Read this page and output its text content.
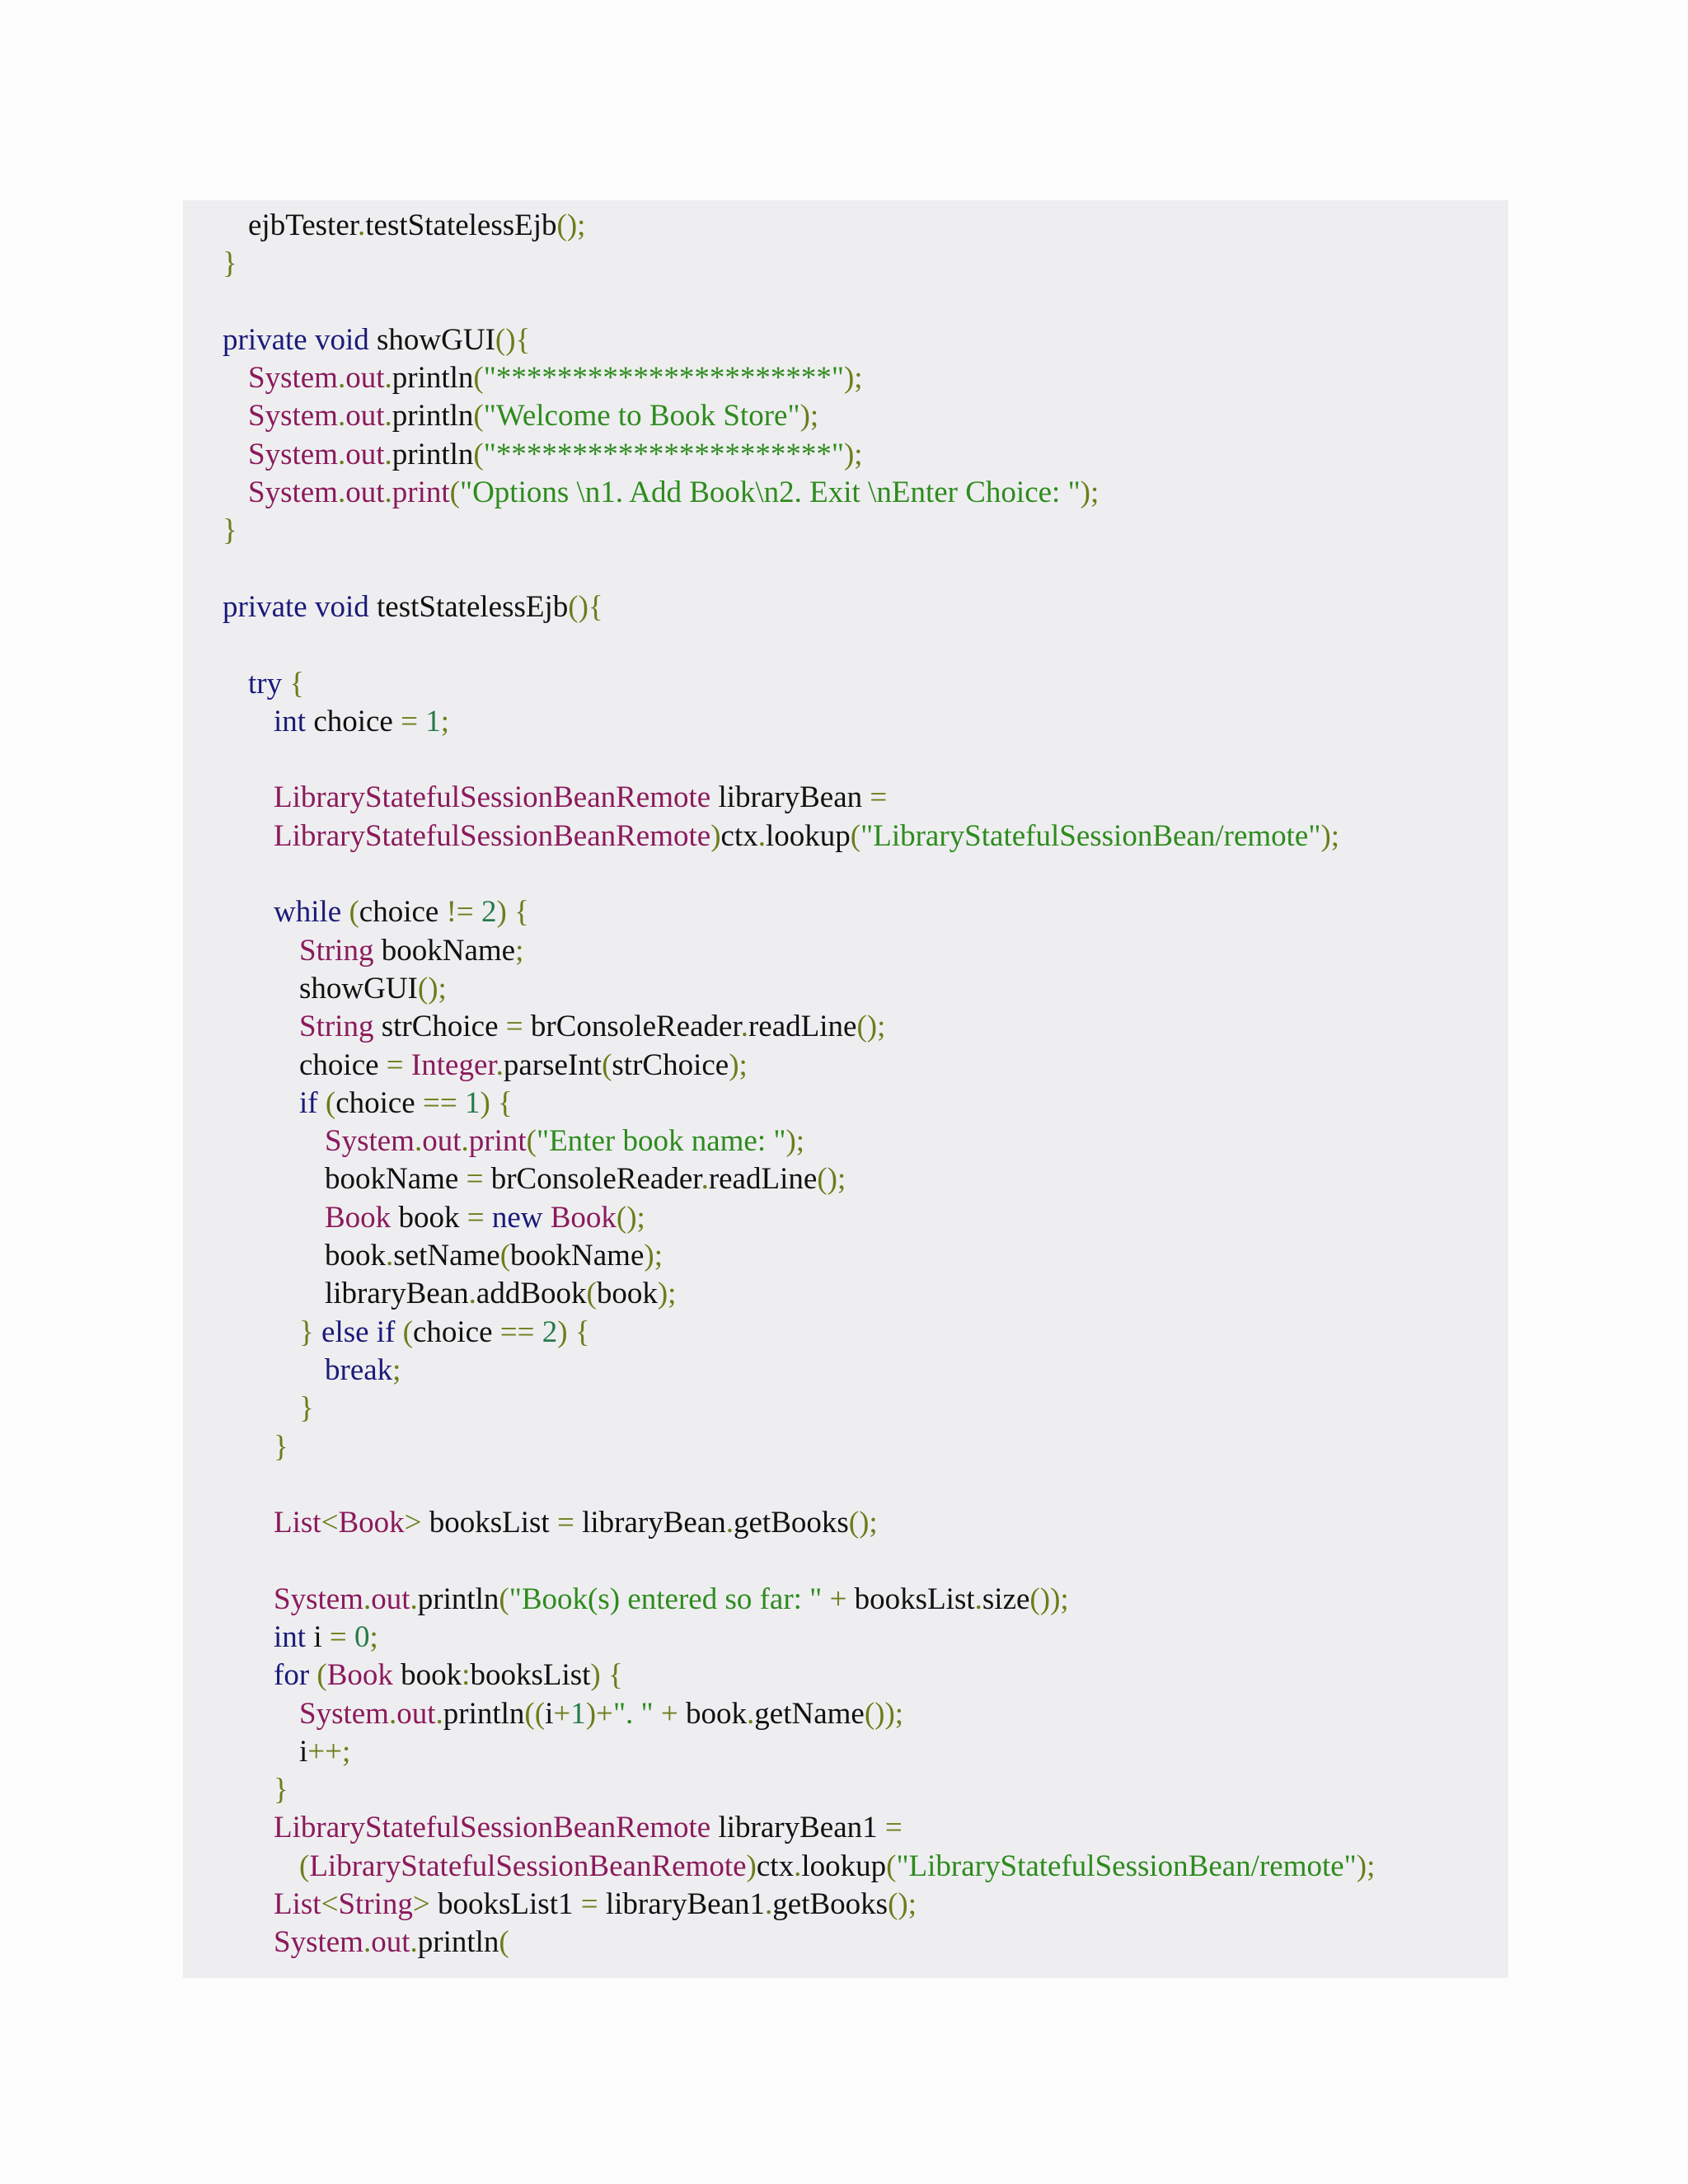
ejbTester.testStatelessEjb();
}
private void showGUI(){
System.out.println("**********************");
System.out.println("Welcome to Book Store");
System.out.println("**********************");
System.out.print("Options \n1. Add Book\n2. Exit \nEnter Choice: ");
}
private void testStatelessEjb(){
try {
int choice = 1;
LibraryStatefulSessionBeanRemote libraryBean =
LibraryStatefulSessionBeanRemote)ctx.lookup("LibraryStatefulSessionBean/remote");
while (choice != 2) {
String bookName;
showGUI();
String strChoice = brConsoleReader.readLine();
choice = Integer.parseInt(strChoice);
if (choice == 1) {
System.out.print("Enter book name: ");
bookName = brConsoleReader.readLine();
Book book = new Book();
book.setName(bookName);
libraryBean.addBook(book);
} else if (choice == 2) {
break;
}
}
List<Book> booksList = libraryBean.getBooks();
System.out.println("Book(s) entered so far: " + booksList.size());
int i = 0;
for (Book book:booksList) {
System.out.println((i+1)+". " + book.getName());
i++;
}
LibraryStatefulSessionBeanRemote libraryBean1 =
(LibraryStatefulSessionBeanRemote)ctx.lookup("LibraryStatefulSessionBean/remote");
List<String> booksList1 = libraryBean1.getBooks();
System.out.println(
